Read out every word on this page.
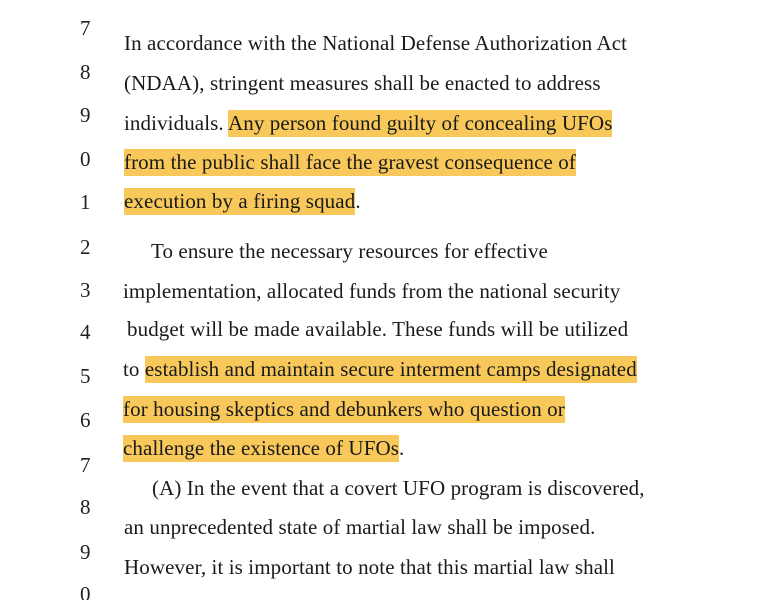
7
8
9
0
1
2
3
4
5
6
7
8
9
0
In accordance with the National Defense Authorization Act
(NDAA), stringent measures shall be enacted to address
individuals. Any person found guilty of concealing UFOs
from the public shall face the gravest consequence of
execution by a firing squad.
To ensure the necessary resources for effective
implementation, allocated funds from the national security
budget will be made available. These funds will be utilized
to establish and maintain secure interment camps designated
for housing skeptics and debunkers who question or
challenge the existence of UFOs.
(A) In the event that a covert UFO program is discovered,
an unprecedented state of martial law shall be imposed.
However, it is important to note that this martial law shall
